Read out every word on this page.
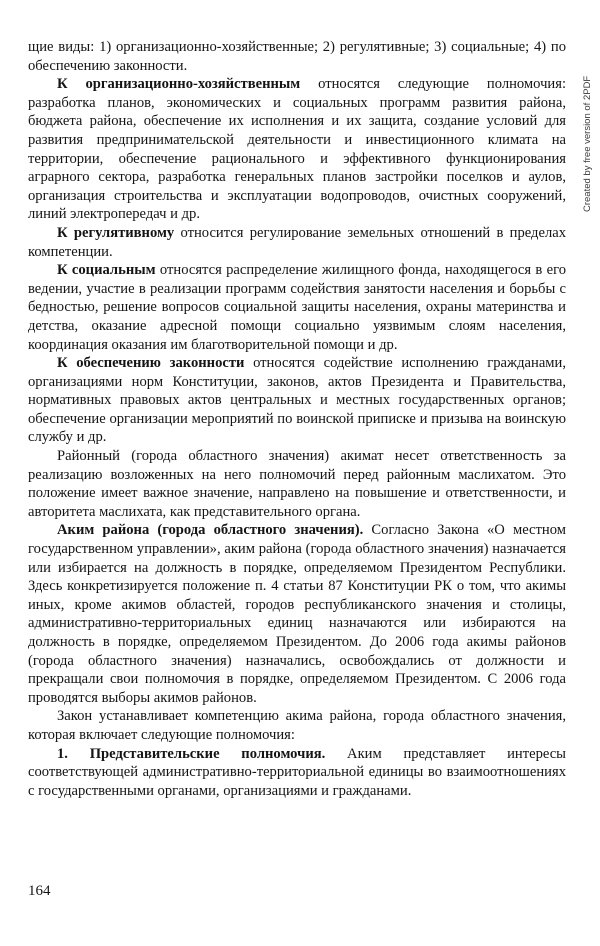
щие виды: 1) организационно-хозяйственные; 2) регулятивные; 3) социальные; 4) по обеспечению законности.

К организационно-хозяйственным относятся следующие полномочия: разработка планов, экономических и социальных программ развития района, бюджета района, обеспечение их исполнения и их защита, создание условий для развития предпринимательской деятельности и инвестиционного климата на территории, обеспечение рационального и эффективного функционирования аграрного сектора, разработка генеральных планов застройки поселков и аулов, организация строительства и эксплуатации водопроводов, очистных сооружений, линий электропередач и др.

К регулятивному относится регулирование земельных отношений в пределах компетенции.

К социальным относятся распределение жилищного фонда, находящегося в его ведении, участие в реализации программ содействия занятости населения и борьбы с бедностью, решение вопросов социальной защиты населения, охраны материнства и детства, оказание адресной помощи социально уязвимым слоям населения, координация оказания им благотворительной помощи и др.

К обеспечению законности относятся содействие исполнению гражданами, организациями норм Конституции, законов, актов Президента и Правительства, нормативных правовых актов центральных и местных государственных органов; обеспечение организации мероприятий по воинской приписке и призыва на воинскую службу и др.

Районный (города областного значения) акимат несет ответственность за реализацию возложенных на него полномочий перед районным маслихатом. Это положение имеет важное значение, направлено на повышение и ответственности, и авторитета маслихата, как представительного органа.

Аким района (города областного значения). Согласно Закона «О местном государственном управлении», аким района (города областного значения) назначается или избирается на должность в порядке, определяемом Президентом Республики. Здесь конкретизируется положение п. 4 статьи 87 Конституции РК о том, что акимы иных, кроме акимов областей, городов республиканского значения и столицы, административно-территориальных единиц назначаются или избираются на должность в порядке, определяемом Президентом. До 2006 года акимы районов (города областного значения) назначались, освобождались от должности и прекращали свои полномочия в порядке, определяемом Президентом. С 2006 года проводятся выборы акимов районов.

Закон устанавливает компетенцию акима района, города областного значения, которая включает следующие полномочия:

1. Представительские полномочия. Аким представляет интересы соответствующей административно-территориальной единицы во взаимоотношениях с государственными органами, организациями и гражданами.

164
Created by free version of 2PDF
